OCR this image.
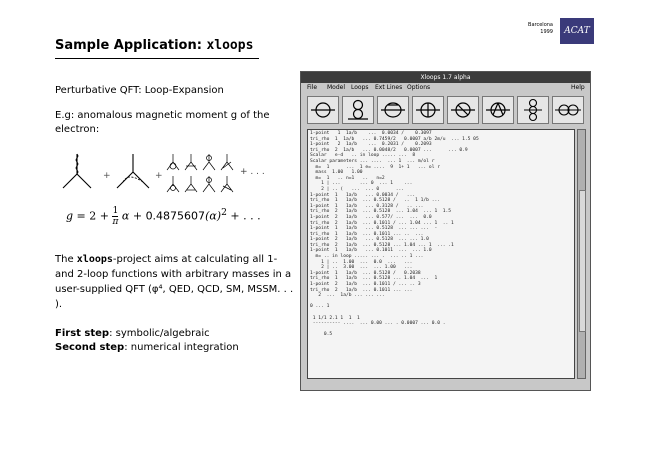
Sample Application: xloops
Barcelona
1999	ACAT
Perturbative QFT: Loop-Expansion
E.g: anomalous magnetic moment g of the electron:
+	+	+ . . .
$g = 2 + \frac{1}{\pi}$ $\alpha + 0.4875607(\alpha)^2$ + . . .
The xloops-project aims at calculating all 1- and 2-loop functions with arbitrary masses in a user-supplied QFT (φ⁴, QED, QCD, SM, MSSM. . . ).
First step: symbolic/algebraic
Second step: numerical integration
Xloops 1.7 alpha
File Model Loops Ext Lines Options	Help
1-point   1  1a/b    ...  0.0034 /    0.3097
tri_rho  1  1a/b   ... 0.7459/2   0.0007 a/b 2m/u  ... 1.5 05
1-point   2  1a/b    ...  0.2031 /    0.2093
tri_rho  2  1a/b   ... 0.0048/2   0.0007 ...      ... 0.9
Scalar   e-d   .. in loop ..... ...  8
Scalar parameters ... ....  ... 1  ... m/ol r
m=  1      ...  1 e= ....  9  1+ 1   ... ol r
mass  1.00   1.00
m=  1   .. n=1   ..   n=2
1 | ...       ... 0  ... 1    ...
2 | .. (   ...  ... 0      ...
1-point  1   1a/b   ... 0.0034 /   ...
tri_rho  1   1a/b  ... 0.5128 /   ..  1 1/b ...
1-point  1   1a/b   ... 0.3128 /   .. ...
tri_rho  2   1a/b  ... 0.5128  ... 1.04  ... 1  1.5
1-point  2   1a/b   ... 0.577/ ...  ...  0.0
tri_rho  2   1a/b  ... 0.1011 / ... 1.04 ... 1  .. 1
1-point  1   1a/b   ... 0.5128  ... ... ...  -
tri_rho  1   1a/b  ... 0.1011 ... ..  ...
1-point  2   1a/b   ... 0.5128  ... ... 1.0
tri_rho  2   1a/b  ... 0.5128 ... 1.04 ... 1  ... .1
1-point  1   1a/b   ... 0.1011  ...  ... 1.0
m= .. in loop ..... ... .  ... .. 1 ...
1 | ..  1.00  ...  0.0  ...   ...
2 | ..  3.00  ...  ... 1.00   ...
1-point  1   1a/b  ... 0.5128 /   0.2038
tri_rho  1   1a/b  ... 0.5128 ... 1.04  ...  1
1-point  2   1a/b  ... 0.1011 / ... .. 3
tri_rho  2   1a/b  ... 0.1011 ... ...
2  ...  1a/b ... ... ...

0 ... 1

1 1/1 2.1 1  1  1
---------- ....  ... 0.00 ... . 0.0007 ... 0.0 .

0.5
